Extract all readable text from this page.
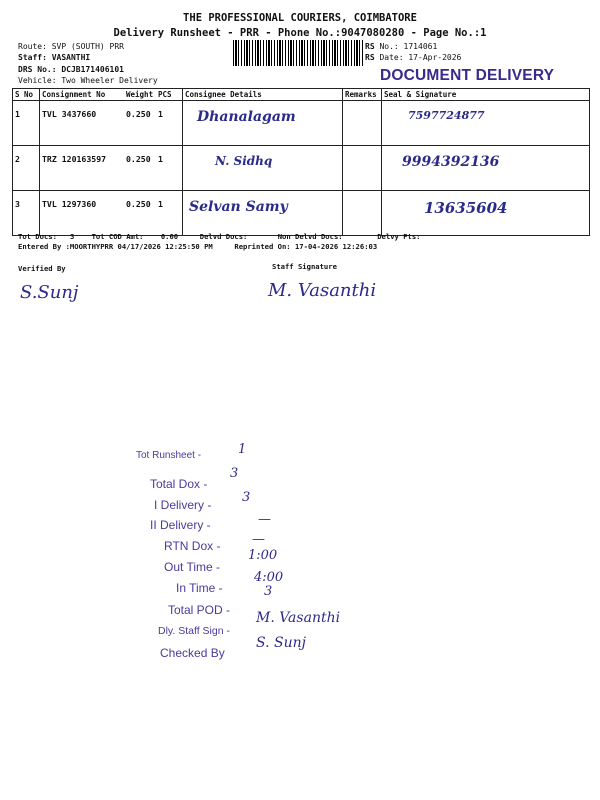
THE PROFESSIONAL COURIERS, COIMBATORE
Delivery Runsheet - PRR - Phone No.:9047080280 - Page No.:1
Route: SVP (SOUTH) PRR
Staff: VASANTHI
DRS No.: DCJB171406101
Vehicle: Two Wheeler Delivery
RS No.: 1714061
RS Date: 17-Apr-2026
DOCUMENT DELIVERY
S No	Consignment No	Weight	PCS	Consignee Details	Remarks	Seal & Signature
1	TVL 3437660	0.250	1	Dhanalagam		7597724877
2	TRZ 120163597	0.250	1	N. Sidhq		9994392136
3	TVL 1297360	0.250	1	Selvan Samy		13635604
Tot Docs: 3 Tot COD Amt: 0.00	Delvd Docs:	Non Delvd Docs:	Delvy Pts:
Entered By :MOORTHYPRR 04/17/2026 12:25:50 PM	Reprinted On: 17-04-2026 12:26:03
Verified By	Staff Signature
S.Sunj	M. Vasanthi
Tot Runsheet -	1
Total Dox -
3
I Delivery - 3
II Delivery -	—
RTN Dox - —
Out Time -
1:00
In Time -
4:00
Total POD -
3
Dly. Staff Sign -
M. Vasanthi
Checked By
S. Sunj
